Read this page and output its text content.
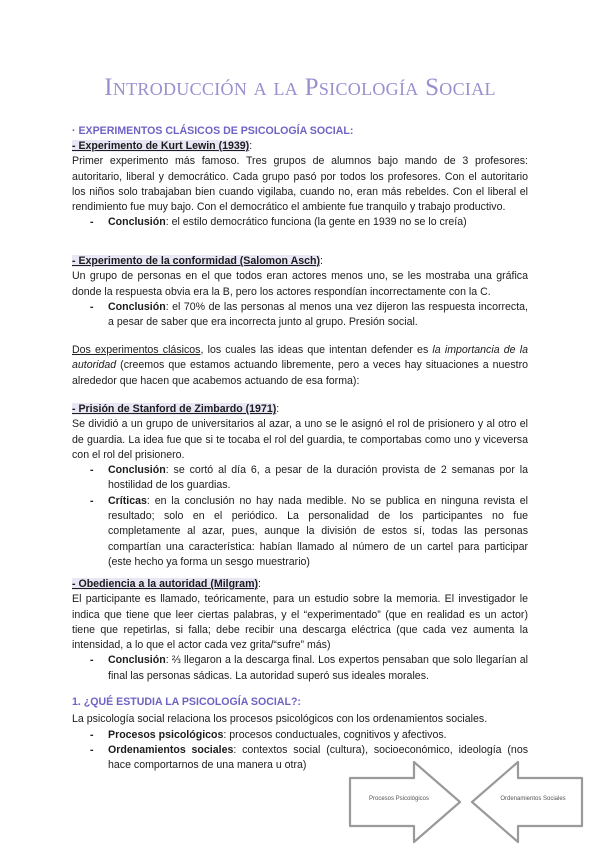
Introducción a la Psicología Social
· EXPERIMENTOS CLÁSICOS DE PSICOLOGÍA SOCIAL:

- Experimento de Kurt Lewin (1939):

Primer experimento más famoso. Tres grupos de alumnos bajo mando de 3 profesores: autoritario, liberal y democrático. Cada grupo pasó por todos los profesores. Con el autoritario los niños solo trabajaban bien cuando vigilaba, cuando no, eran más rebeldes. Con el liberal el rendimiento fue muy bajo. Con el democrático el ambiente fue tranquilo y trabajo productivo.

- Conclusión: el estilo democrático funciona (la gente en 1939 no se lo creía)

- Experimento de la conformidad (Salomon Asch):

Un grupo de personas en el que todos eran actores menos uno, se les mostraba una gráfica donde la respuesta obvia era la B, pero los actores respondían incorrectamente con la C.

- Conclusión: el 70% de las personas al menos una vez dijeron las respuesta incorrecta, a pesar de saber que era incorrecta junto al grupo. Presión social.

Dos experimentos clásicos, los cuales las ideas que intentan defender es la importancia de la autoridad (creemos que estamos actuando libremente, pero a veces hay situaciones a nuestro alrededor que hacen que acabemos actuando de esa forma):

- Prisión de Stanford de Zimbardo (1971):

Se dividió a un grupo de universitarios al azar, a uno se le asignó el rol de prisionero y al otro el de guardia. La idea fue que si te tocaba el rol del guardia, te comportabas como uno y viceversa con el rol del prisionero.

- Conclusión: se cortó al día 6, a pesar de la duración provista de 2 semanas por la hostilidad de los guardias.
- Críticas: en la conclusión no hay nada medible. No se publica en ninguna revista el resultado; solo en el periódico. La personalidad de los participantes no fue completamente al azar, pues, aunque la división de estos sí, todas las personas compartían una característica: habían llamado al número de un cartel para participar (este hecho ya forma un sesgo muestrario)

- Obediencia a la autoridad (Milgram):

El participante es llamado, teóricamente, para un estudio sobre la memoria. El investigador le indica que tiene que leer ciertas palabras, y el “experimentado” (que en realidad es un actor) tiene que repetirlas, si falla; debe recibir una descarga eléctrica (que cada vez aumenta la intensidad, a lo que el actor cada vez grita/“sufre” más)

- Conclusión: ⅔ llegaron a la descarga final. Los expertos pensaban que solo llegarían al final las personas sádicas. La autoridad superó sus ideales morales.
1. ¿QUÉ ESTUDIA LA PSICOLOGÍA SOCIAL?:

La psicología social relaciona los procesos psicológicos con los ordenamientos sociales.

- Procesos psicológicos: procesos conductuales, cognitivos y afectivos.
- Ordenamientos sociales: contextos social (cultura), socioeconómico, ideología (nos hace comportarnos de una manera u otra)
Procesos Psicológicos	Ordenamientos Sociales
